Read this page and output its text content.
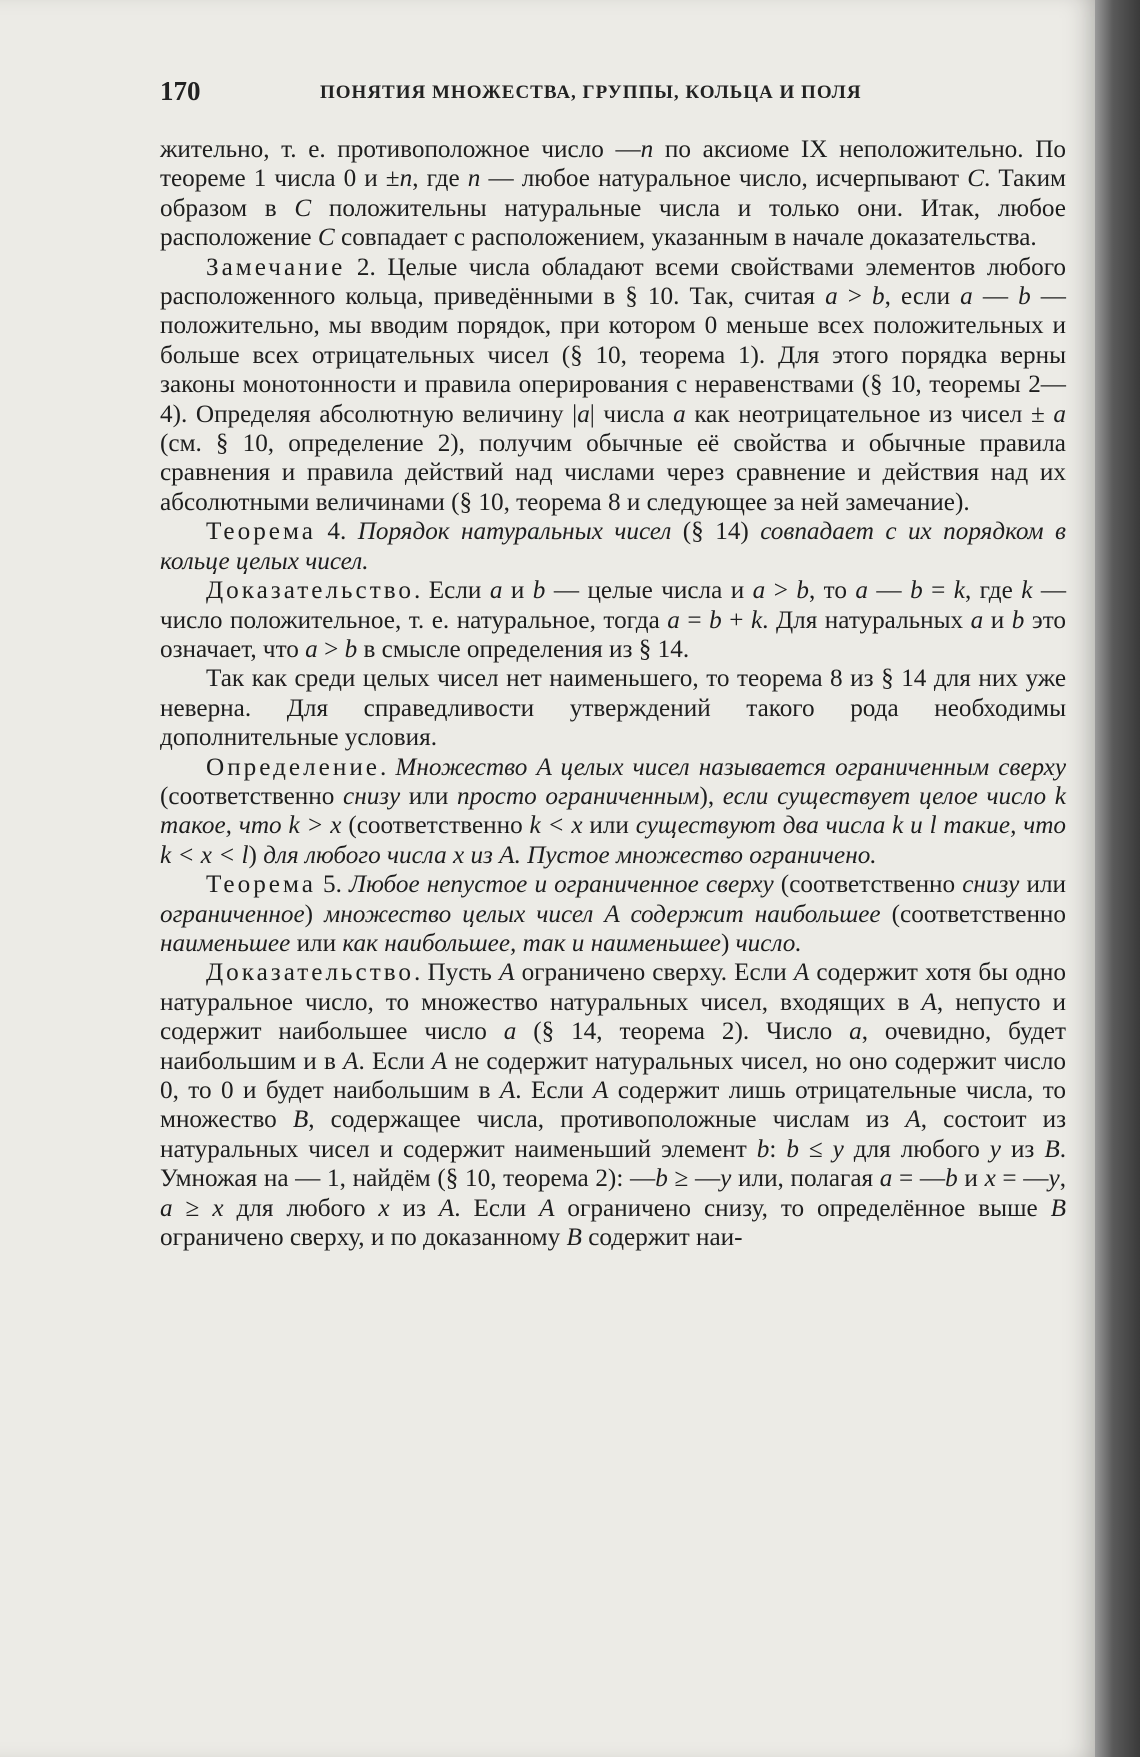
170	ПОНЯТИЯ МНОЖЕСТВА, ГРУППЫ, КОЛЬЦА И ПОЛЯ

жительно, т. е. противоположное число —n по аксиоме IX неположительно. По теореме 1 числа 0 и ±n, где n — любое натуральное число, исчерпывают C. Таким образом в C положительны натуральные числа и только они. Итак, любое расположение C совпадает с расположением, указанным в начале доказательства.

Замечание 2. Целые числа обладают всеми свойствами элементов любого расположенного кольца, приведёнными в § 10. Так, считая a > b, если a — b — положительно, мы вводим порядок, при котором 0 меньше всех положительных и больше всех отрицательных чисел (§ 10, теорема 1). Для этого порядка верны законы монотонности и правила оперирования с неравенствами (§ 10, теоремы 2—4). Определяя абсолютную величину |a| числа a как неотрицательное из чисел ± a (см. § 10, определение 2), получим обычные её свойства и обычные правила сравнения и правила действий над числами через сравнение и действия над их абсолютными величинами (§ 10, теорема 8 и следующее за ней замечание).

Теорема 4. Порядок натуральных чисел (§ 14) совпадает с их порядком в кольце целых чисел.

Доказательство. Если a и b — целые числа и a > b, то a — b = k, где k — число положительное, т. е. натуральное, тогда a = b + k. Для натуральных a и b это означает, что a > b в смысле определения из § 14.

Так как среди целых чисел нет наименьшего, то теорема 8 из § 14 для них уже неверна. Для справедливости утверждений такого рода необходимы дополнительные условия.

Определение. Множество A целых чисел называется ограниченным сверху (соответственно снизу или просто ограниченным), если существует целое число k такое, что k > x (соответственно k < x или существуют два числа k и l такие, что k < x < l) для любого числа x из A. Пустое множество ограничено.

Теорема 5. Любое непустое и ограниченное сверху (соответственно снизу или ограниченное) множество целых чисел A содержит наибольшее (соответственно наименьшее или как наибольшее, так и наименьшее) число.

Доказательство. Пусть A ограничено сверху. Если A содержит хотя бы одно натуральное число, то множество натуральных чисел, входящих в A, непусто и содержит наибольшее число a (§ 14, теорема 2). Число a, очевидно, будет наибольшим и в A. Если A не содержит натуральных чисел, но оно содержит число 0, то 0 и будет наибольшим в A. Если A содержит лишь отрицательные числа, то множество B, содержащее числа, противоположные числам из A, состоит из натуральных чисел и содержит наименьший элемент b: b ≤ y для любого y из B. Умножая на — 1, найдём (§ 10, теорема 2): —b ≥ —y или, полагая a = —b и x = —y, a ≥ x для любого x из A. Если A ограничено снизу, то определённое выше B ограничено сверху, и по доказанному B содержит наи-
